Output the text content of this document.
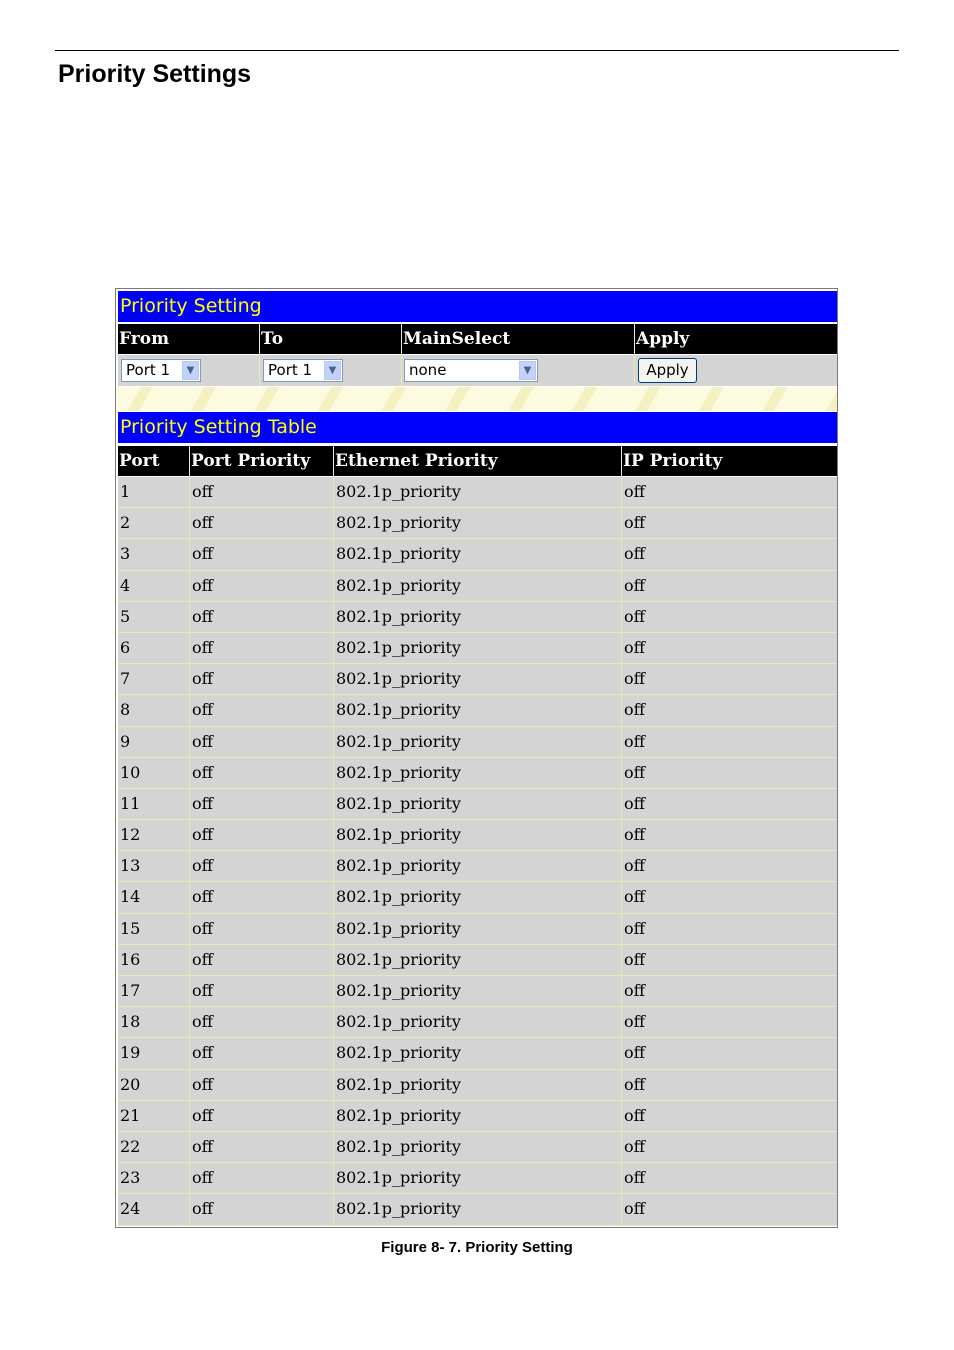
Priority Settings
Priority Setting
From	To	MainSelect	Apply
Port 1	▼	Port 1	▼	none	▼	Apply
Priority Setting Table
Port	Port Priority	Ethernet Priority	IP Priority
1	off	802.1p_priority	off
2	off	802.1p_priority	off
3	off	802.1p_priority	off
4	off	802.1p_priority	off
5	off	802.1p_priority	off
6	off	802.1p_priority	off
7	off	802.1p_priority	off
8	off	802.1p_priority	off
9	off	802.1p_priority	off
10	off	802.1p_priority	off
11	off	802.1p_priority	off
12	off	802.1p_priority	off
13	off	802.1p_priority	off
14	off	802.1p_priority	off
15	off	802.1p_priority	off
16	off	802.1p_priority	off
17	off	802.1p_priority	off
18	off	802.1p_priority	off
19	off	802.1p_priority	off
20	off	802.1p_priority	off
21	off	802.1p_priority	off
22	off	802.1p_priority	off
23	off	802.1p_priority	off
24	off	802.1p_priority	off
Figure 8- 7. Priority Setting
